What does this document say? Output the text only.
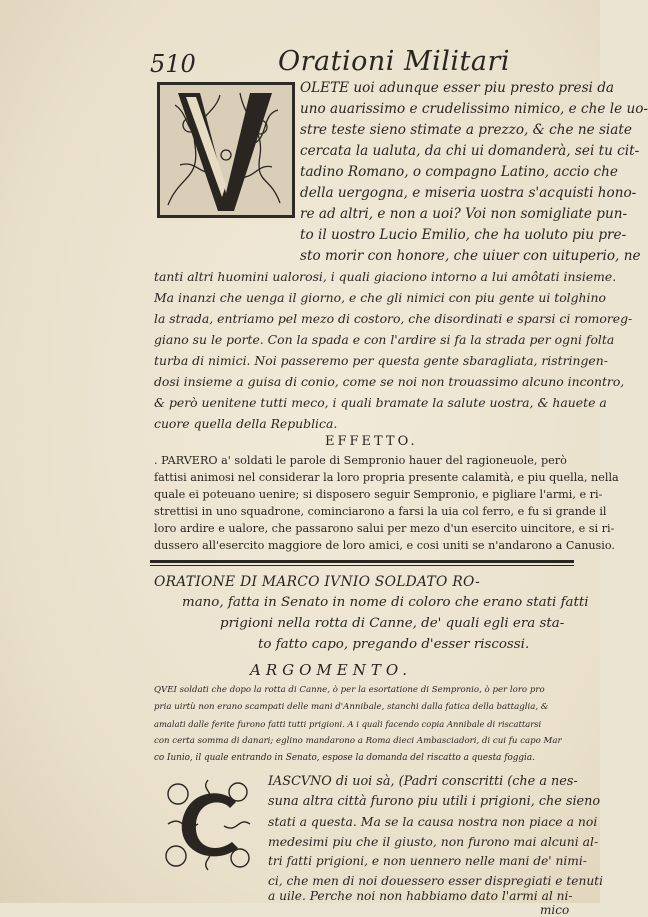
510	Orationi Militari
OLETE uoi adunque esser piu presto presi da
uno auarissimo e crudelissimo nimico, e che le uo-
stre teste sieno stimate a prezzo, & che ne siate
cercata la ualuta, da chi ui domanderà, sei tu cit-
tadino Romano, o compagno Latino, accio che
della uergogna, e miseria uostra s'acquisti hono-
re ad altri, e non a uoi? Voi non somigliate pun-
to il uostro Lucio Emilio, che ha uoluto piu pre-
sto morir con honore, che uiuer con uituperio, ne
tanti altri huomini ualorosi, i quali giaciono intorno a lui amôtati insieme.
Ma inanzi che uenga il giorno, e che gli nimici con piu gente ui tolghino
la strada, entriamo pel mezo di costoro, che disordinati e sparsi ci romoreg-
giano su le porte. Con la spada e con l'ardire si fa la strada per ogni folta
turba di nimici. Noi passeremo per questa gente sbaragliata, ristringen-
dosi insieme a guisa di conio, come se noi non trouassimo alcuno incontro,
& però uenitene tutti meco, i quali bramate la salute uostra, & hauete a
cuore quella della Republica.
EFFETTO.
. PARVERO a' soldati le parole di Sempronio hauer del ragioneuole, però
fattisi animosi nel considerar la loro propria presente calamità, e piu quella, nella
quale ei poteuano uenire; si disposero seguir Sempronio, e pigliare l'armi, e ri-
strettisi in uno squadrone, cominciarono a farsi la uia col ferro, e fu si grande il
loro ardire e ualore, che passarono salui per mezo d'un esercito uincitore, e si ri-
dussero all'esercito maggiore de loro amici, e cosi uniti se n'andarono a Canusio.
ORATIONE DI MARCO IVNIO SOLDATO RO-
mano, fatta in Senato in nome di coloro che erano stati fatti
prigioni nella rotta di Canne, de' quali egli era sta-
to fatto capo, pregando d'esser riscossi.
ARGOMENTO.
QVEI soldati che dopo la rotta di Canne, ò per la esortatione di Sempronio, ò per loro pro
pria uirtù non erano scampati delle mani d'Annibale, stanchi dalla fatica della battaglia, &
amalati dalle ferite furono fatti tutti prigioni. A i quali facendo copia Annibale di riscattarsi
con certa somma di danari; eglino mandarono a Roma dieci Ambasciadori, di cui fu capo Mar
co Iunio, il quale entrando in Senato, espose la domanda del riscatto a questa foggia.
IASCVNO di uoi sà, (Padri conscritti (che a nes-
suna altra città furono piu utili i prigioni, che sieno
stati a questa. Ma se la causa nostra non piace a noi
medesimi piu che il giusto, non furono mai alcuni al-
tri fatti prigioni, e non uennero nelle mani de' nimi-
ci, che men di noi douessero esser dispregiati e tenuti
a uile. Perche noi non habbiamo dato l'armi al ni-
mico
